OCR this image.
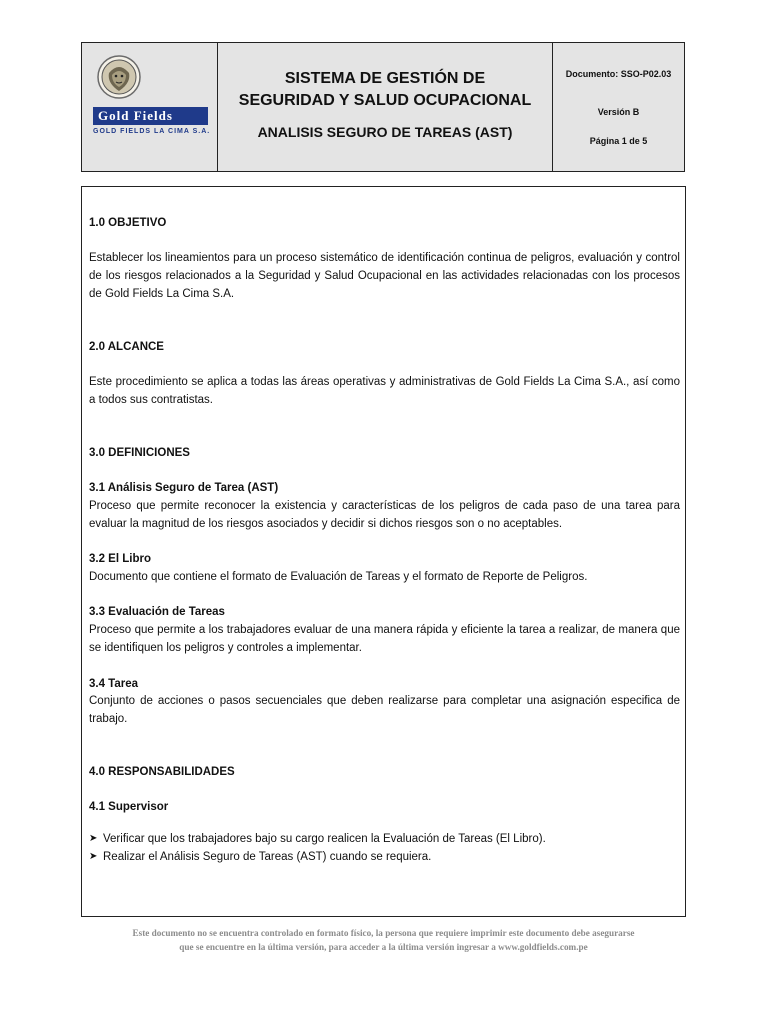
Gold Fields
GOLD FIELDS LA CIMA S.A.
SISTEMA DE GESTIÓN DE
SEGURIDAD Y SALUD OCUPACIONAL
ANALISIS SEGURO DE TAREAS (AST)
Documento: SSO-P02.03
Versión B
Página 1 de 5
1.0 OBJETIVO
Establecer los lineamientos para un proceso sistemático de identificación continua de peligros, evaluación y control de los riesgos relacionados a la Seguridad y Salud Ocupacional en las actividades relacionadas con los procesos de Gold Fields La Cima S.A.
2.0 ALCANCE
Este procedimiento se aplica a todas las áreas operativas y administrativas de Gold Fields La Cima S.A., así como a todos sus contratistas.
3.0 DEFINICIONES
3.1 Análisis Seguro de Tarea (AST)
Proceso que permite reconocer la existencia y características de los peligros de cada paso de una tarea para evaluar la magnitud de los riesgos asociados y decidir si dichos riesgos son o no aceptables.
3.2 El Libro
Documento que contiene el formato de Evaluación de Tareas y el formato de Reporte de Peligros.
3.3 Evaluación de Tareas
Proceso que permite a los trabajadores evaluar de una manera rápida y eficiente la tarea a realizar, de manera que se identifiquen los peligros y controles a implementar.
3.4 Tarea
Conjunto de acciones o pasos secuenciales que deben realizarse para completar una asignación especifica de trabajo.
4.0 RESPONSABILIDADES
4.1 Supervisor
➤ Verificar que los trabajadores bajo su cargo realicen la Evaluación de Tareas (El Libro).
➤ Realizar el Análisis Seguro de Tareas (AST) cuando se requiera.
Este documento no se encuentra controlado en formato físico, la persona que requiere imprimir este documento debe asegurarse
que se encuentre en la última versión, para acceder a la última versión ingresar a www.goldfields.com.pe
